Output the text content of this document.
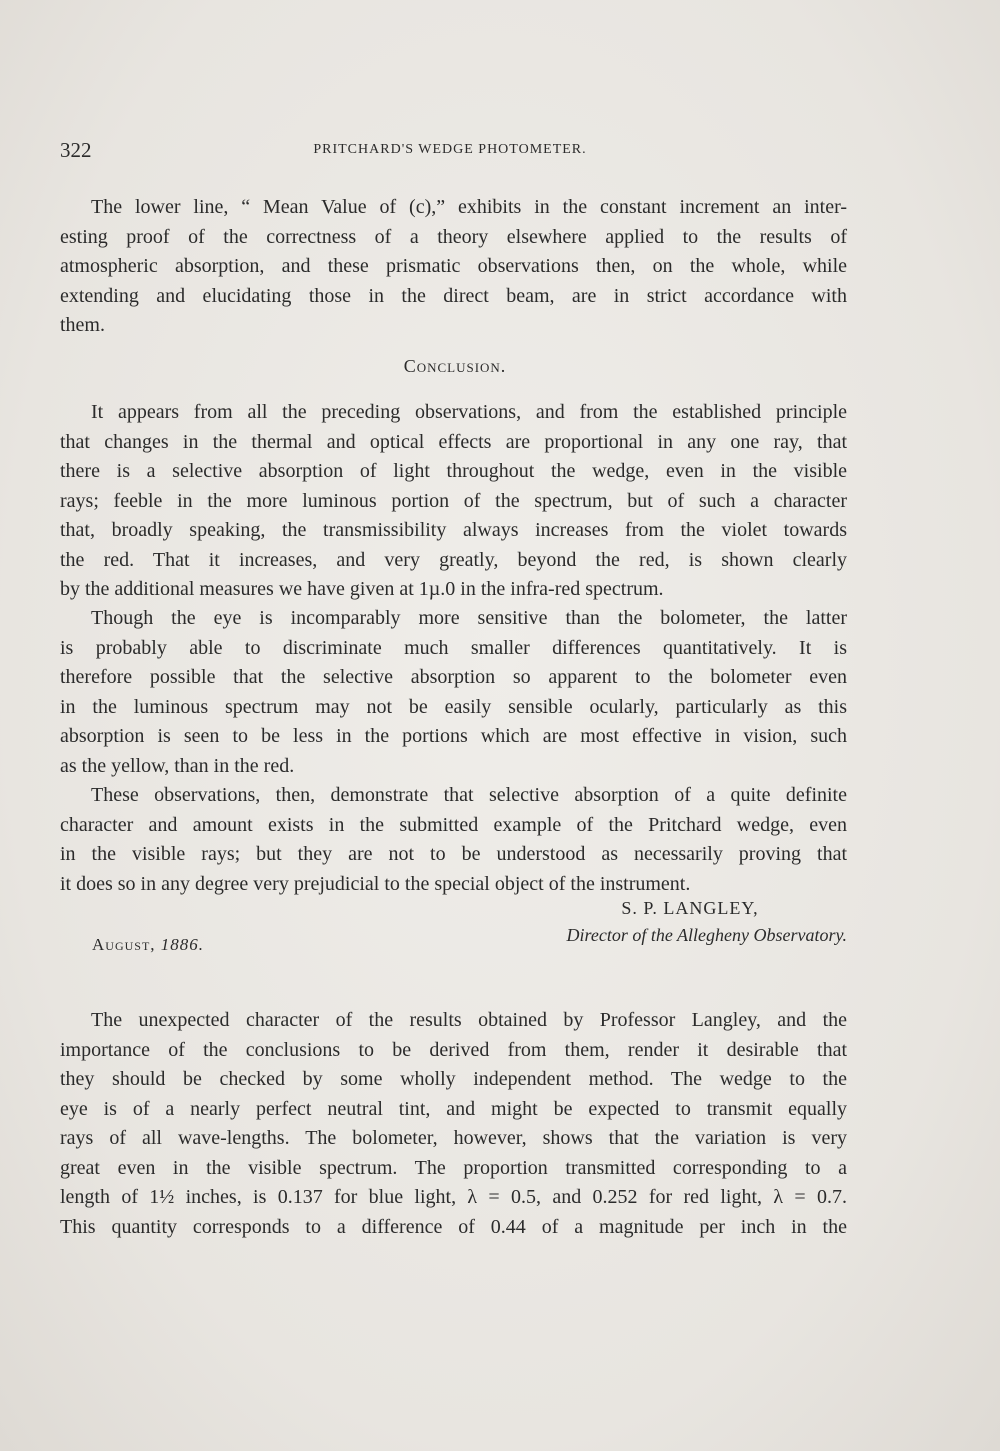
322	PRITCHARD'S WEDGE PHOTOMETER.
The lower line, “ Mean Value of (c),” exhibits in the constant increment an inter-
esting proof of the correctness of a theory elsewhere applied to the results of
atmospheric absorption, and these prismatic observations then, on the whole, while
extending and elucidating those in the direct beam, are in strict accordance with
them.
Conclusion.
It appears from all the preceding observations, and from the established principle
that changes in the thermal and optical effects are proportional in any one ray, that
there is a selective absorption of light throughout the wedge, even in the visible
rays; feeble in the more luminous portion of the spectrum, but of such a character
that, broadly speaking, the transmissibility always increases from the violet towards
the red. That it increases, and very greatly, beyond the red, is shown clearly
by the additional measures we have given at 1µ.0 in the infra-red spectrum.
Though the eye is incomparably more sensitive than the bolometer, the latter
is probably able to discriminate much smaller differences quantitatively. It is
therefore possible that the selective absorption so apparent to the bolometer even
in the luminous spectrum may not be easily sensible ocularly, particularly as this
absorption is seen to be less in the portions which are most effective in vision, such
as the yellow, than in the red.
These observations, then, demonstrate that selective absorption of a quite definite
character and amount exists in the submitted example of the Pritchard wedge, even
in the visible rays; but they are not to be understood as necessarily proving that
it does so in any degree very prejudicial to the special object of the instrument.
S. P. LANGLEY,
Director of the Allegheny Observatory.
August, 1886.
The unexpected character of the results obtained by Professor Langley, and the
importance of the conclusions to be derived from them, render it desirable that
they should be checked by some wholly independent method. The wedge to the
eye is of a nearly perfect neutral tint, and might be expected to transmit equally
rays of all wave-lengths. The bolometer, however, shows that the variation is very
great even in the visible spectrum. The proportion transmitted corresponding to a
length of 1½ inches, is 0.137 for blue light, λ = 0.5, and 0.252 for red light, λ = 0.7.
This quantity corresponds to a difference of 0.44 of a magnitude per inch in the
